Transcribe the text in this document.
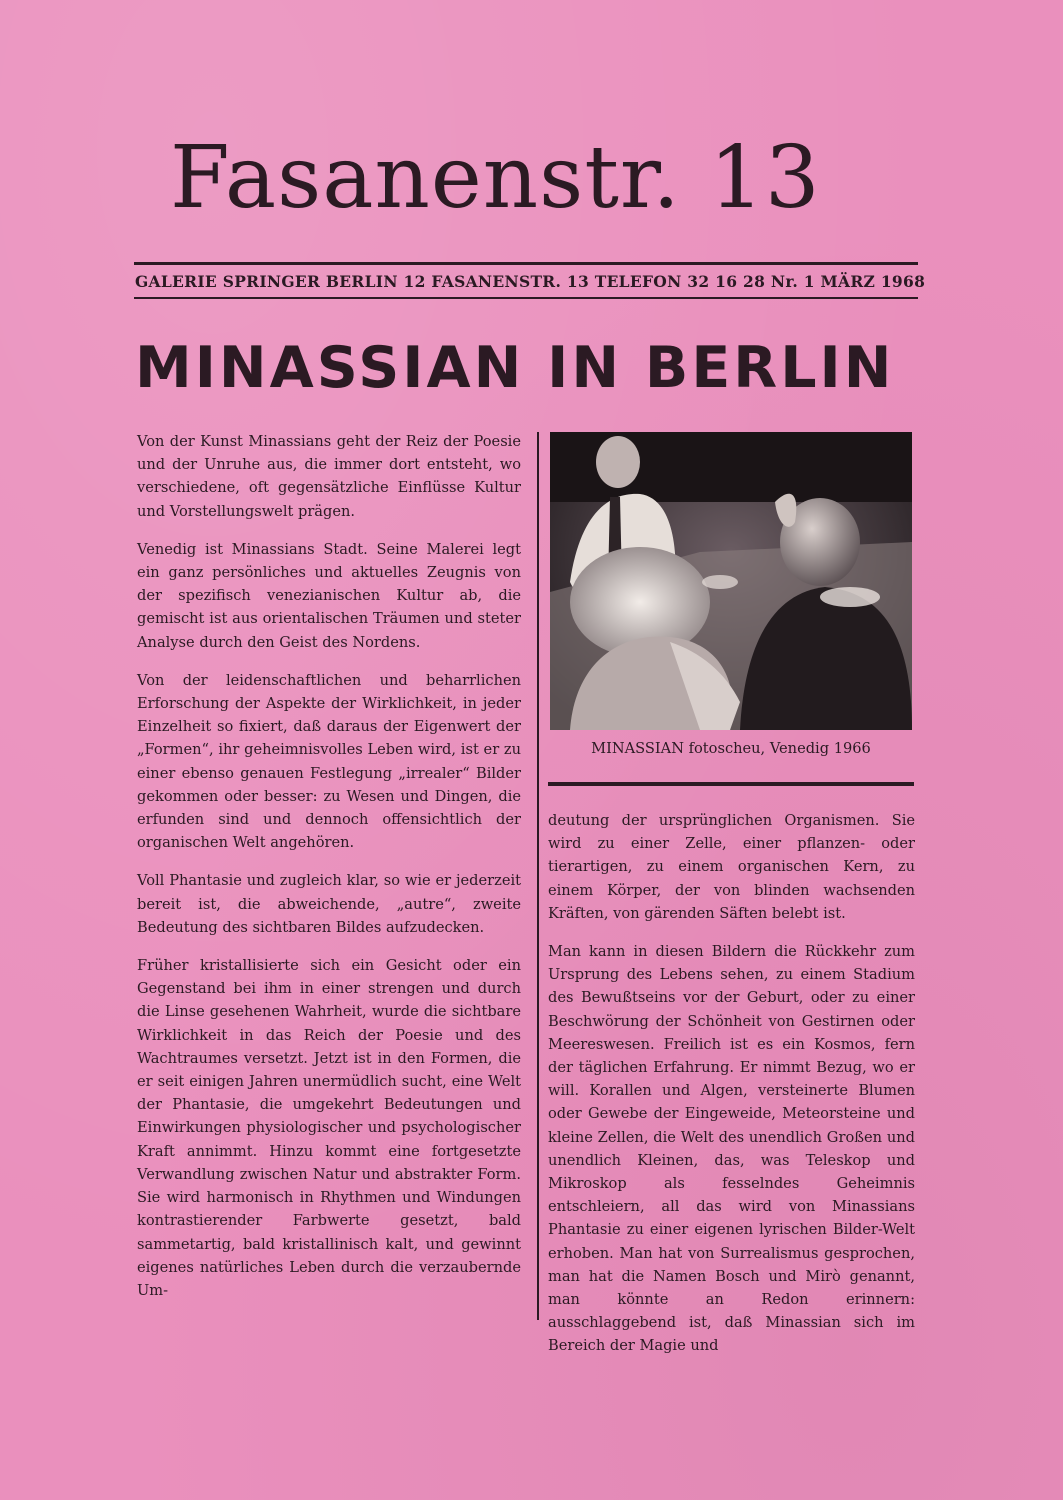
Fasanenstr. 13
GALERIE SPRINGER BERLIN 12 FASANENSTR. 13 TELEFON 32 16 28 Nr. 1 MÄRZ 1968
MINASSIAN IN BERLIN

Von der Kunst Minassians geht der Reiz der Poesie und der Unruhe aus, die immer dort entsteht, wo verschiedene, oft gegensätzliche Einflüsse Kultur und Vorstellungswelt prägen.

Venedig ist Minassians Stadt. Seine Malerei legt ein ganz persönliches und aktuelles Zeugnis von der spezifisch venezianischen Kultur ab, die gemischt ist aus orientalischen Träumen und steter Analyse durch den Geist des Nordens.

Von der leidenschaftlichen und beharrlichen Erforschung der Aspekte der Wirklichkeit, in jeder Einzelheit so fixiert, daß daraus der Eigenwert der „Formen“, ihr geheimnisvolles Leben wird, ist er zu einer ebenso genauen Festlegung „irrealer“ Bilder gekommen oder besser: zu Wesen und Dingen, die erfunden sind und dennoch offensichtlich der organischen Welt angehören.

Voll Phantasie und zugleich klar, so wie er jederzeit bereit ist, die abweichende, „autre“, zweite Bedeutung des sichtbaren Bildes aufzudecken.

Früher kristallisierte sich ein Gesicht oder ein Gegenstand bei ihm in einer strengen und durch die Linse gesehenen Wahrheit, wurde die sichtbare Wirklichkeit in das Reich der Poesie und des Wachtraumes versetzt. Jetzt ist in den Formen, die er seit einigen Jahren unermüdlich sucht, eine Welt der Phantasie, die umgekehrt Bedeutungen und Einwirkungen physiologischer und psychologischer Kraft annimmt. Hinzu kommt eine fortgesetzte Verwandlung zwischen Natur und abstrakter Form. Sie wird harmonisch in Rhythmen und Windungen kontrastierender Farbwerte gesetzt, bald sammetartig, bald kristallinisch kalt, und gewinnt eigenes natürliches Leben durch die verzaubernde Um-

MINASSIAN fotoscheu, Venedig 1966

deutung der ursprünglichen Organismen. Sie wird zu einer Zelle, einer pflanzen- oder tierartigen, zu einem organischen Kern, zu einem Körper, der von blinden wachsenden Kräften, von gärenden Säften belebt ist.

Man kann in diesen Bildern die Rückkehr zum Ursprung des Lebens sehen, zu einem Stadium des Bewußtseins vor der Geburt, oder zu einer Beschwörung der Schönheit von Gestirnen oder Meereswesen. Freilich ist es ein Kosmos, fern der täglichen Erfahrung. Er nimmt Bezug, wo er will. Korallen und Algen, versteinerte Blumen oder Gewebe der Eingeweide, Meteorsteine und kleine Zellen, die Welt des unendlich Großen und unendlich Kleinen, das, was Teleskop und Mikroskop als fesselndes Geheimnis entschleiern, all das wird von Minassians Phantasie zu einer eigenen lyrischen Bilder-Welt erhoben. Man hat von Surrealismus gesprochen, man hat die Namen Bosch und Mirò genannt, man könnte an Redon erinnern: ausschlaggebend ist, daß Minassian sich im Bereich der Magie und
